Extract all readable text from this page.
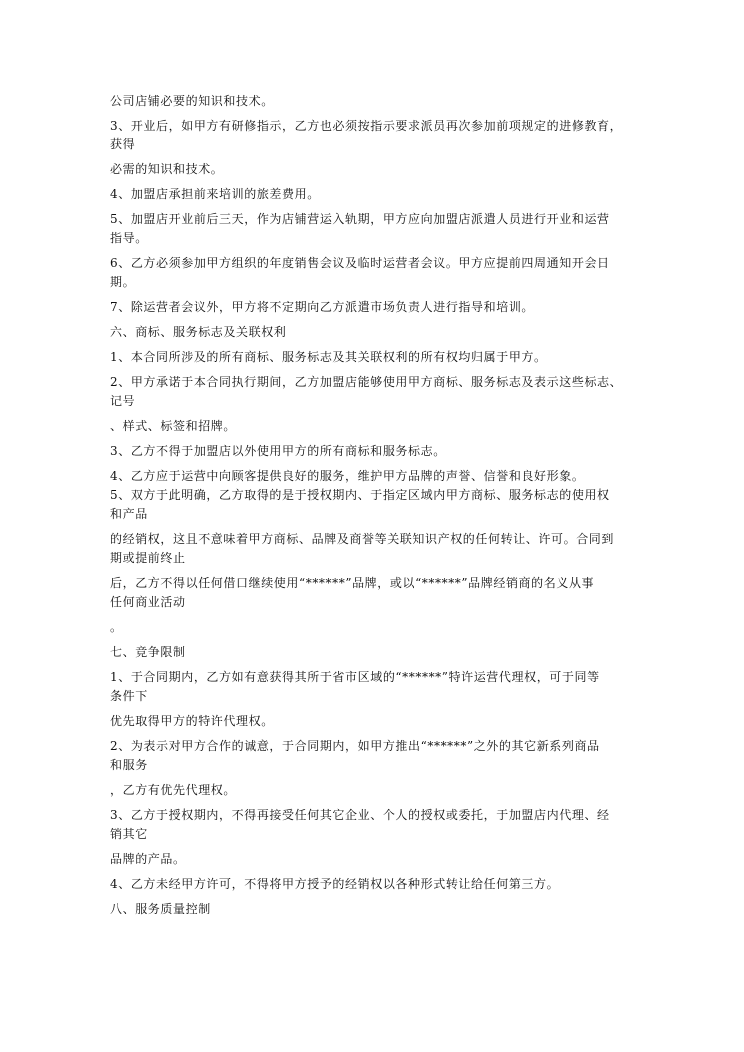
公司店铺必要的知识和技术。
3、开业后，如甲方有研修指示，乙方也必须按指示要求派员再次参加前项规定的进修教育，
获得
必需的知识和技术。
4、加盟店承担前来培训的旅差费用。
5、加盟店开业前后三天，作为店铺营运入轨期，甲方应向加盟店派遣人员进行开业和运营
指导。
6、乙方必须参加甲方组织的年度销售会议及临时运营者会议。甲方应提前四周通知开会日
期。
7、除运营者会议外，甲方将不定期向乙方派遣市场负责人进行指导和培训。
六、商标、服务标志及关联权利
1、本合同所涉及的所有商标、服务标志及其关联权利的所有权均归属于甲方。
2、甲方承诺于本合同执行期间，乙方加盟店能够使用甲方商标、服务标志及表示这些标志、
记号
、样式、标签和招牌。
3、乙方不得于加盟店以外使用甲方的所有商标和服务标志。
4、乙方应于运营中向顾客提供良好的服务，维护甲方品牌的声誉、信誉和良好形象。
5、双方于此明确，乙方取得的是于授权期内、于指定区域内甲方商标、服务标志的使用权
和产品
的经销权，这且不意味着甲方商标、品牌及商誉等关联知识产权的任何转让、许可。合同到
期或提前终止
后，乙方不得以任何借口继续使用“******”品牌，或以“******”品牌经销商的名义从事
任何商业活动
。
七、竞争限制
1、于合同期内，乙方如有意获得其所于省市区域的“******”特许运营代理权，可于同等
条件下
优先取得甲方的特许代理权。
2、为表示对甲方合作的诚意，于合同期内，如甲方推出“******”之外的其它新系列商品
和服务
，乙方有优先代理权。
3、乙方于授权期内，不得再接受任何其它企业、个人的授权或委托，于加盟店内代理、经
销其它
品牌的产品。
4、乙方未经甲方许可，不得将甲方授予的经销权以各种形式转让给任何第三方。
八、服务质量控制
